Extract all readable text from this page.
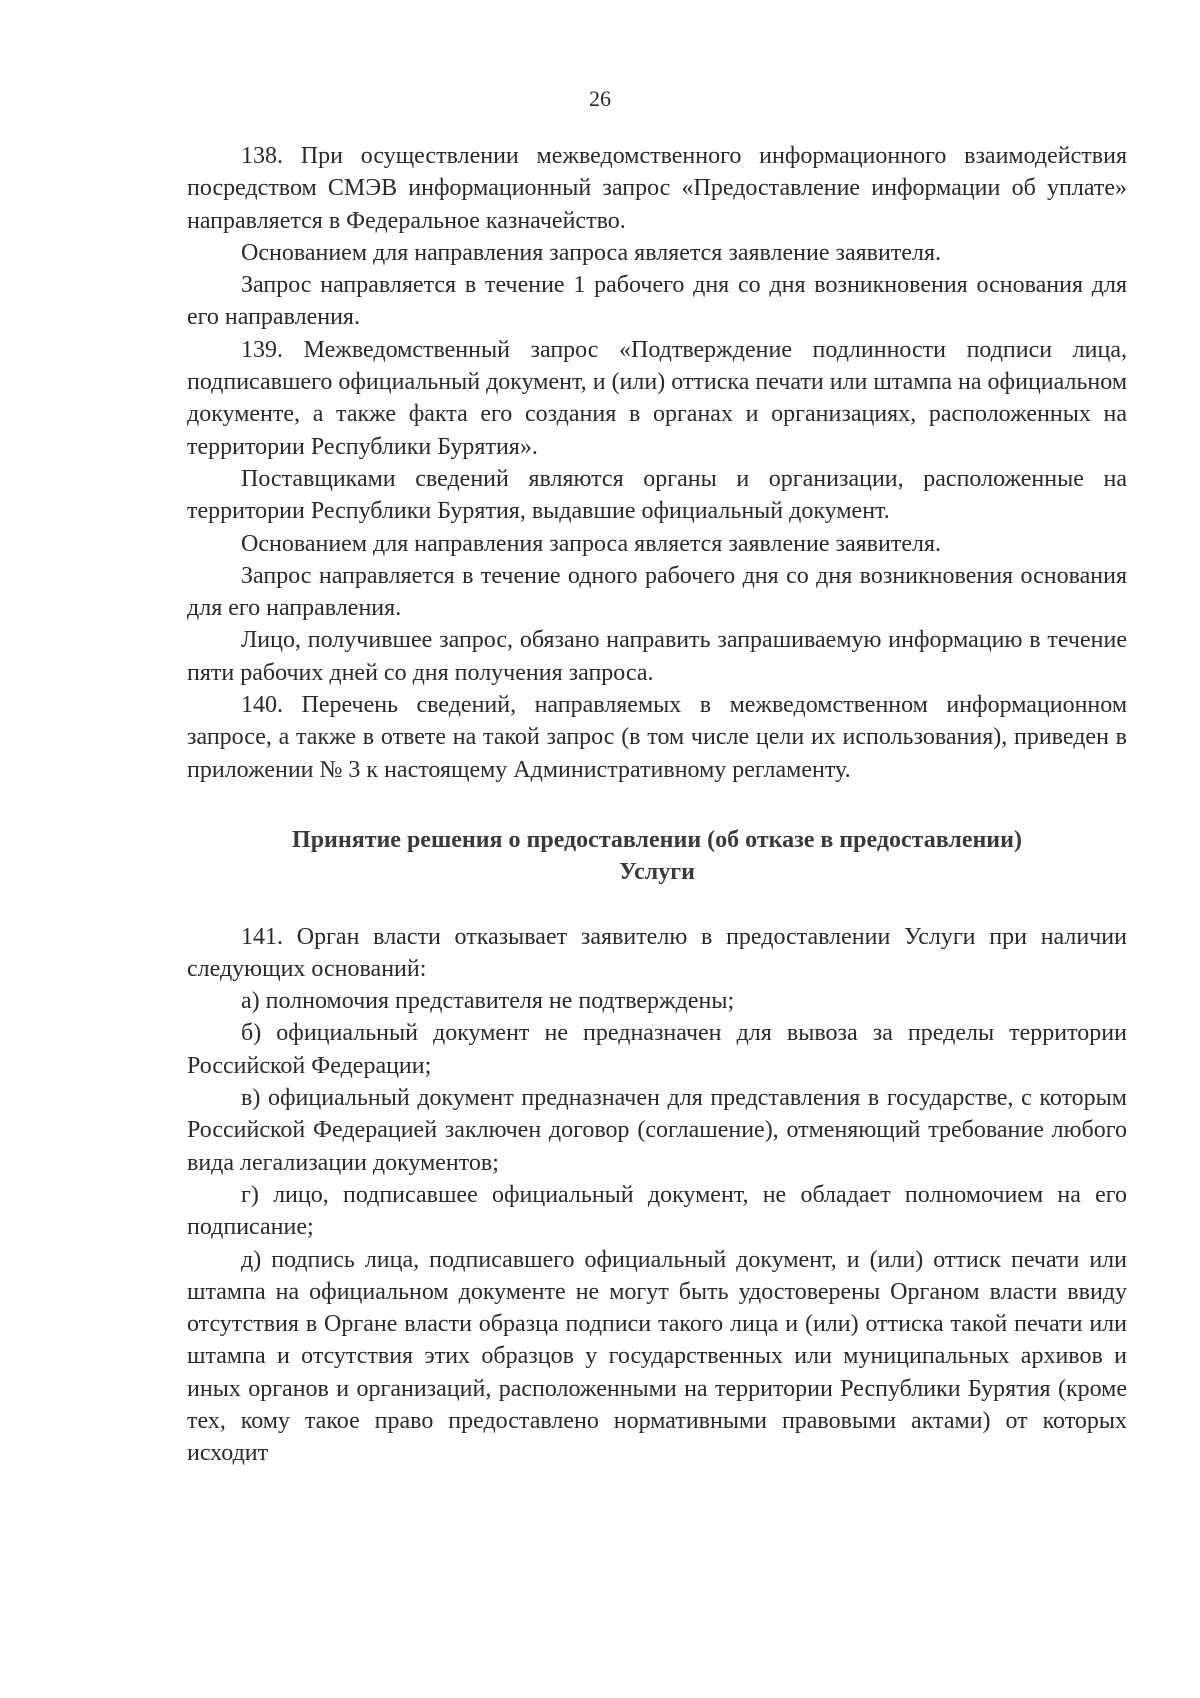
26

138. При осуществлении межведомственного информационного взаимодействия посредством СМЭВ информационный запрос «Предоставление информации об уплате» направляется в Федеральное казначейство.

Основанием для направления запроса является заявление заявителя.

Запрос направляется в течение 1 рабочего дня со дня возникновения основания для его направления.

139. Межведомственный запрос «Подтверждение подлинности подписи лица, подписавшего официальный документ, и (или) оттиска печати или штампа на официальном документе, а также факта его создания в органах и организациях, расположенных на территории Республики Бурятия».

Поставщиками сведений являются органы и организации, расположенные на территории Республики Бурятия, выдавшие официальный документ.

Основанием для направления запроса является заявление заявителя.

Запрос направляется в течение одного рабочего дня со дня возникновения основания для его направления.

Лицо, получившее запрос, обязано направить запрашиваемую информацию в течение пяти рабочих дней со дня получения запроса.

140. Перечень сведений, направляемых в межведомственном информационном запросе, а также в ответе на такой запрос (в том числе цели их использования), приведен в приложении № 3 к настоящему Административному регламенту.

Принятие решения о предоставлении (об отказе в предоставлении)
Услуги

141. Орган власти отказывает заявителю в предоставлении Услуги при наличии следующих оснований:

а) полномочия представителя не подтверждены;

б) официальный документ не предназначен для вывоза за пределы территории Российской Федерации;

в) официальный документ предназначен для представления в государстве, с которым Российской Федерацией заключен договор (соглашение), отменяющий требование любого вида легализации документов;

г) лицо, подписавшее официальный документ, не обладает полномочием на его подписание;

д) подпись лица, подписавшего официальный документ, и (или) оттиск печати или штампа на официальном документе не могут быть удостоверены Органом власти ввиду отсутствия в Органе власти образца подписи такого лица и (или) оттиска такой печати или штампа и отсутствия этих образцов у государственных или муниципальных архивов и иных органов и организаций, расположенными на территории Республики Бурятия (кроме тех, кому такое право предоставлено нормативными правовыми актами) от которых исходит
